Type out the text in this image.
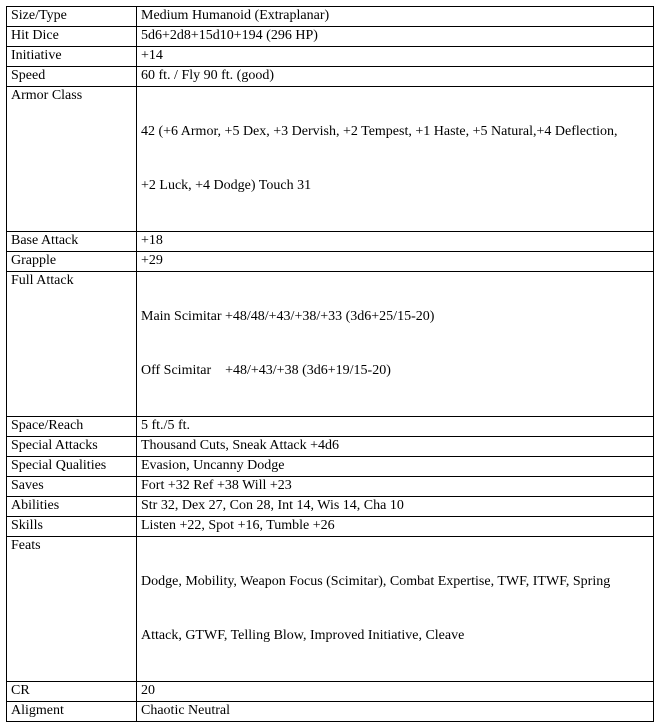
Size/Type	Medium Humanoid (Extraplanar)

Hit Dice	5d6+2d8+15d10+194 (296 HP)

Initiative	+14

Speed	60 ft. / Fly 90 ft. (good)

Armor Class	42 (+6 Armor, +5 Dex, +3 Dervish, +2 Tempest, +1 Haste, +5 Natural,+4 Deflection,

+2 Luck, +4 Dodge) Touch 31

Base Attack	+18

Grapple	+29

Full Attack	Main Scimitar +48/48/+43/+38/+33 (3d6+25/15-20)

Off Scimitar    +48/+43/+38 (3d6+19/15-20)

Space/Reach	5 ft./5 ft.

Special Attacks	Thousand Cuts, Sneak Attack +4d6

Special Qualities	Evasion, Uncanny Dodge

Saves	Fort +32 Ref +38 Will +23

Abilities	Str 32, Dex 27, Con 28, Int 14, Wis 14, Cha 10

Skills	Listen +22, Spot +16, Tumble +26

Feats	Dodge, Mobility, Weapon Focus (Scimitar), Combat Expertise, TWF, ITWF, Spring

Attack, GTWF, Telling Blow, Improved Initiative, Cleave

CR	20

Aligment	Chaotic Neutral
